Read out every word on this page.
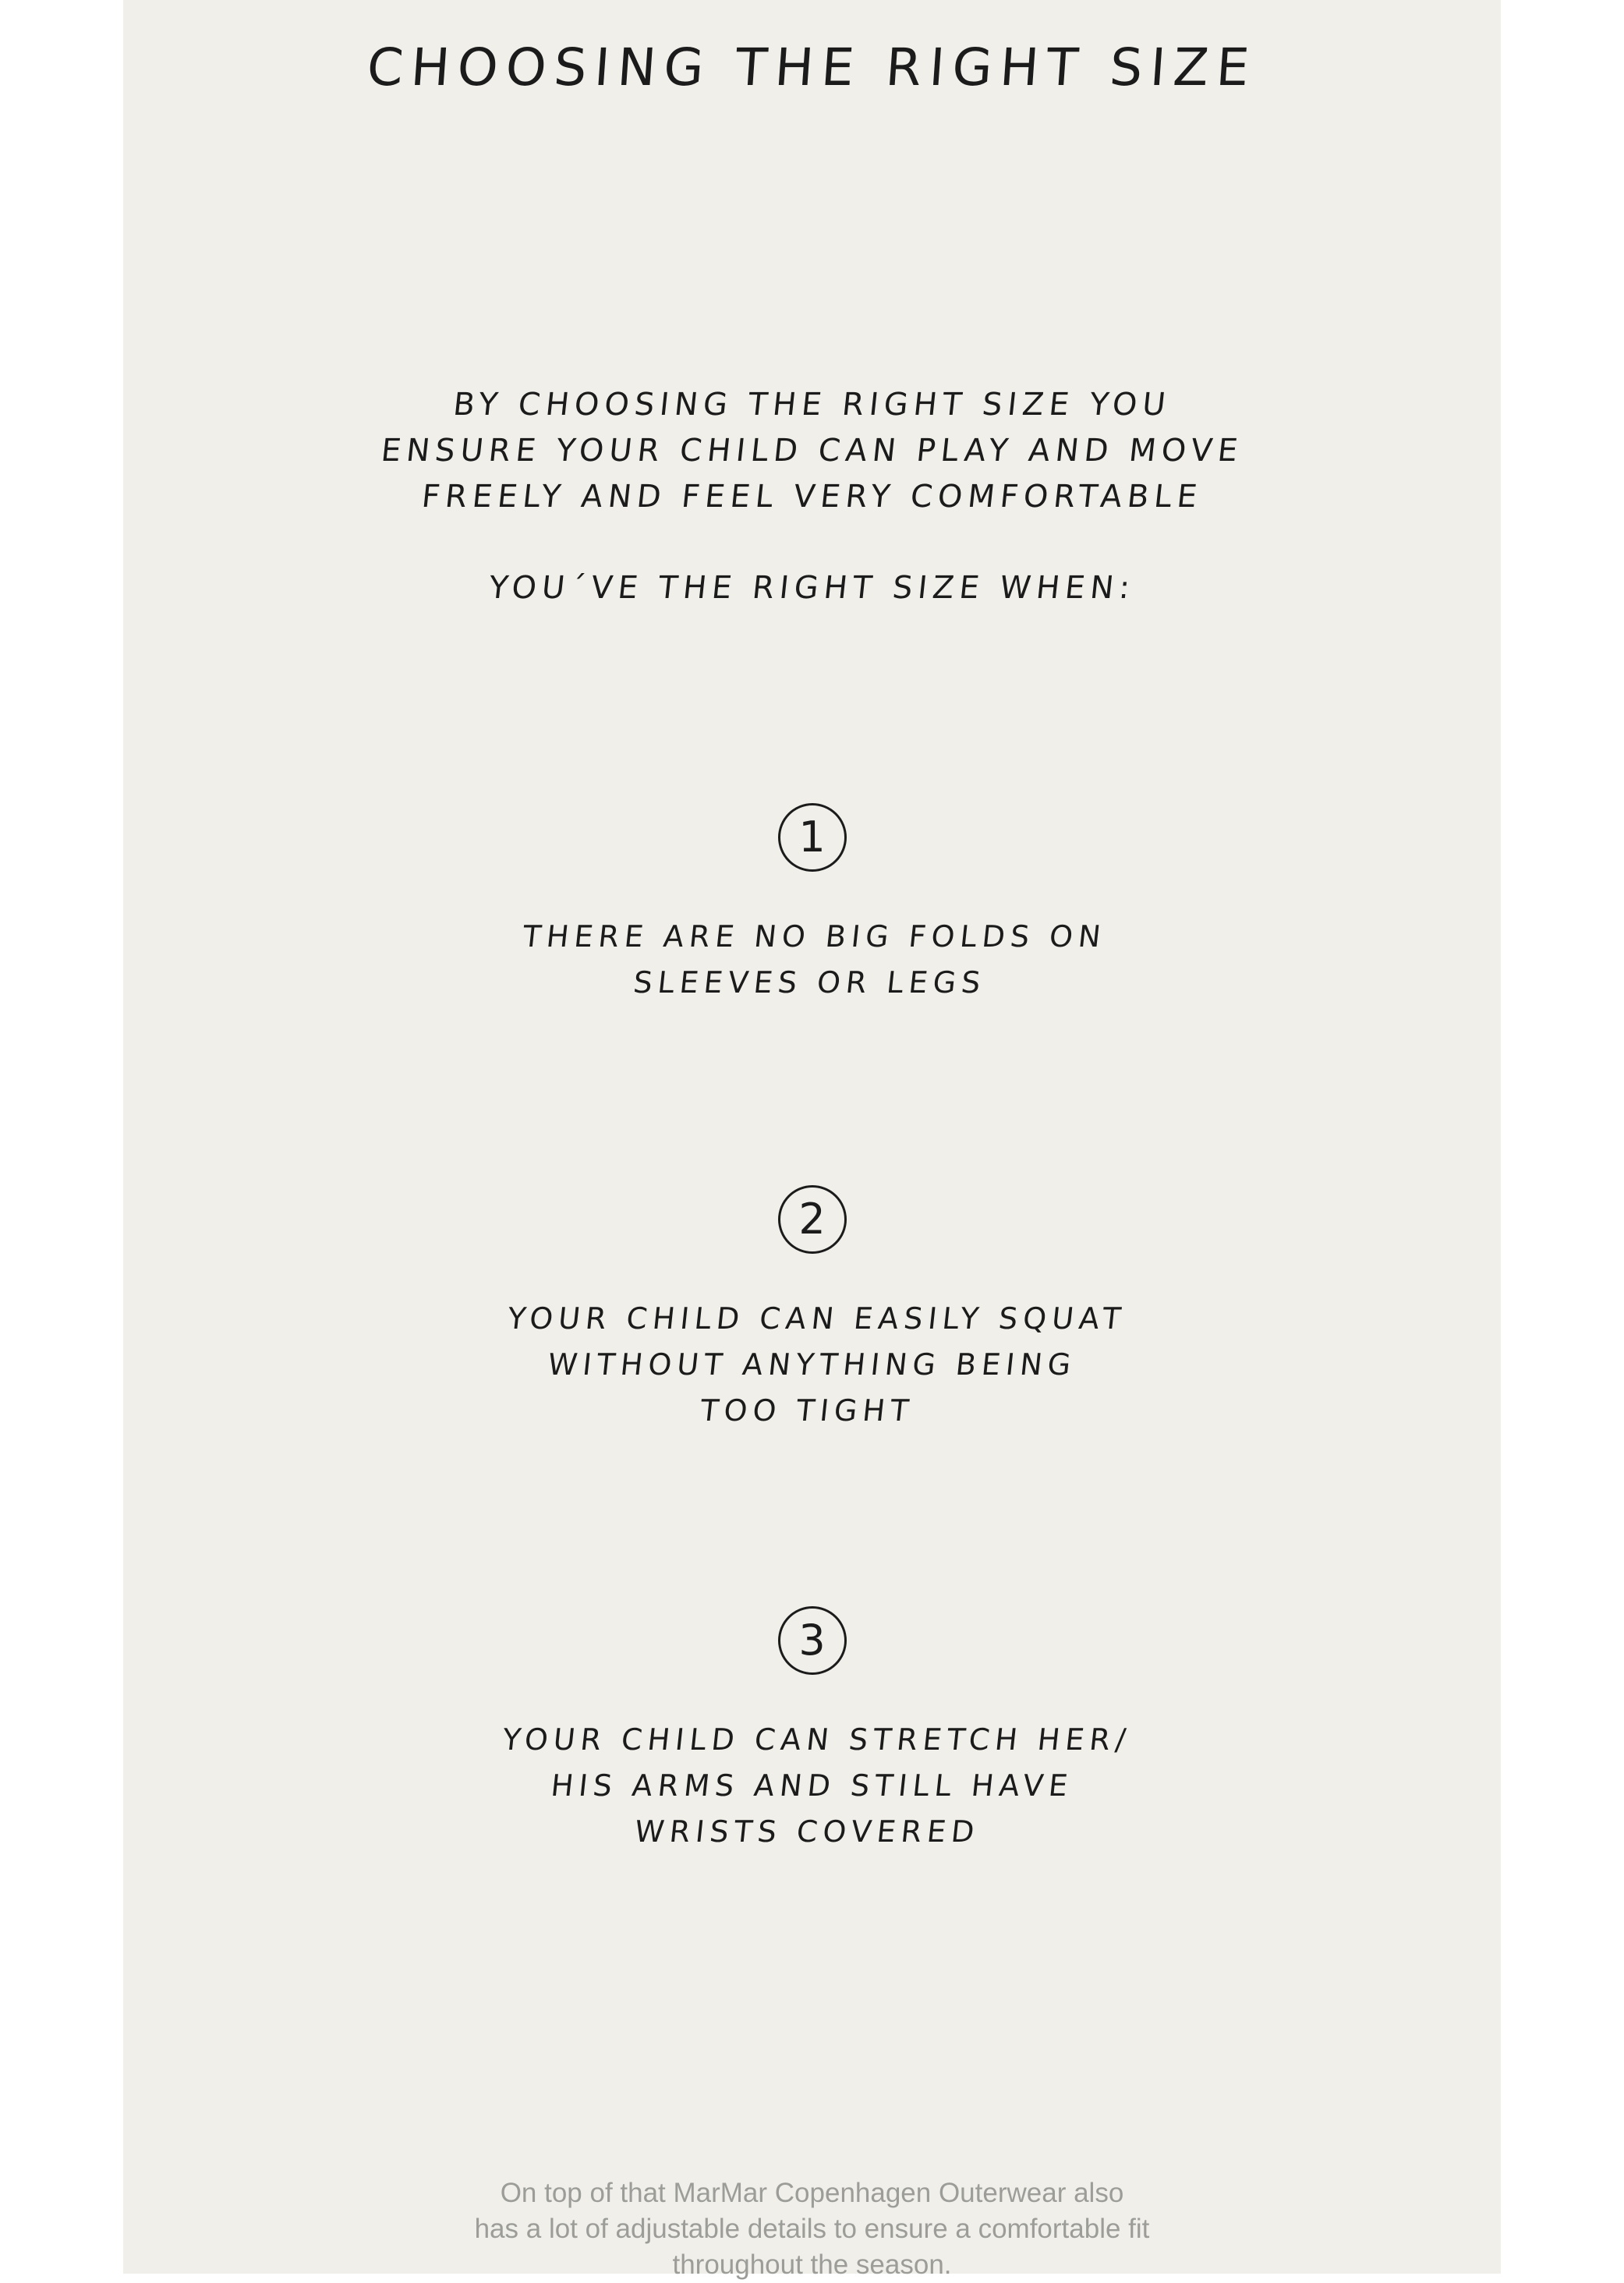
CHOOSING THE RIGHT SIZE
BY CHOOSING THE RIGHT SIZE YOU
ENSURE YOUR CHILD CAN PLAY AND MOVE
FREELY AND FEEL VERY COMFORTABLE
YOU´VE THE RIGHT SIZE WHEN:
1
THERE ARE NO BIG FOLDS ON
SLEEVES OR LEGS
2
YOUR CHILD CAN EASILY SQUAT
WITHOUT ANYTHING BEING
TOO TIGHT
3
YOUR CHILD CAN STRETCH HER/
HIS ARMS AND STILL HAVE
WRISTS COVERED
On top of that MarMar Copenhagen Outerwear also
has a lot of adjustable details to ensure a comfortable fit
throughout the season.
